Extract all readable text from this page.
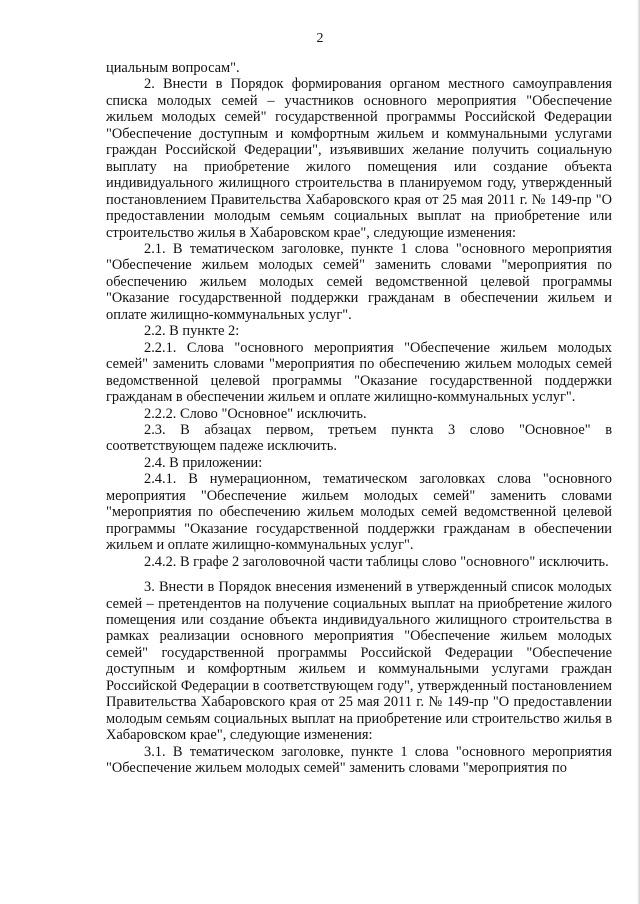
2

циальным вопросам".

2. Внести в Порядок формирования органом местного самоуправления списка молодых семей – участников основного мероприятия "Обеспечение жильем молодых семей" государственной программы Российской Федерации "Обеспечение доступным и комфортным жильем и коммунальными услугами граждан Российской Федерации", изъявивших желание получить социальную выплату на приобретение жилого помещения или создание объекта индивидуального жилищного строительства в планируемом году, утвержденный постановлением Правительства Хабаровского края от 25 мая 2011 г. № 149-пр "О предоставлении молодым семьям социальных выплат на приобретение или строительство жилья в Хабаровском крае", следующие изменения:

2.1. В тематическом заголовке, пункте 1 слова "основного мероприятия "Обеспечение жильем молодых семей" заменить словами "мероприятия по обеспечению жильем молодых семей ведомственной целевой программы "Оказание государственной поддержки гражданам в обеспечении жильем и оплате жилищно-коммунальных услуг".

2.2. В пункте 2:

2.2.1. Слова "основного мероприятия "Обеспечение жильем молодых семей" заменить словами "мероприятия по обеспечению жильем молодых семей ведомственной целевой программы "Оказание государственной поддержки гражданам в обеспечении жильем и оплате жилищно-коммунальных услуг".

2.2.2. Слово "Основное" исключить.

2.3. В абзацах первом, третьем пункта 3 слово "Основное" в соответствующем падеже исключить.

2.4. В приложении:

2.4.1. В нумерационном, тематическом заголовках слова "основного мероприятия "Обеспечение жильем молодых семей" заменить словами "мероприятия по обеспечению жильем молодых семей ведомственной целевой программы "Оказание государственной поддержки гражданам в обеспечении жильем и оплате жилищно-коммунальных услуг".

2.4.2. В графе 2 заголовочной части таблицы слово "основного" исключить.

3. Внести в Порядок внесения изменений в утвержденный список молодых семей – претендентов на получение социальных выплат на приобретение жилого помещения или создание объекта индивидуального жилищного строительства в рамках реализации основного мероприятия "Обеспечение жильем молодых семей" государственной программы Российской Федерации "Обеспечение доступным и комфортным жильем и коммунальными услугами граждан Российской Федерации в соответствующем году", утвержденный постановлением Правительства Хабаровского края от 25 мая 2011 г. № 149-пр "О предоставлении молодым семьям социальных выплат на приобретение или строительство жилья в Хабаровском крае", следующие изменения:

3.1. В тематическом заголовке, пункте 1 слова "основного мероприятия "Обеспечение жильем молодых семей" заменить словами "мероприятия по
